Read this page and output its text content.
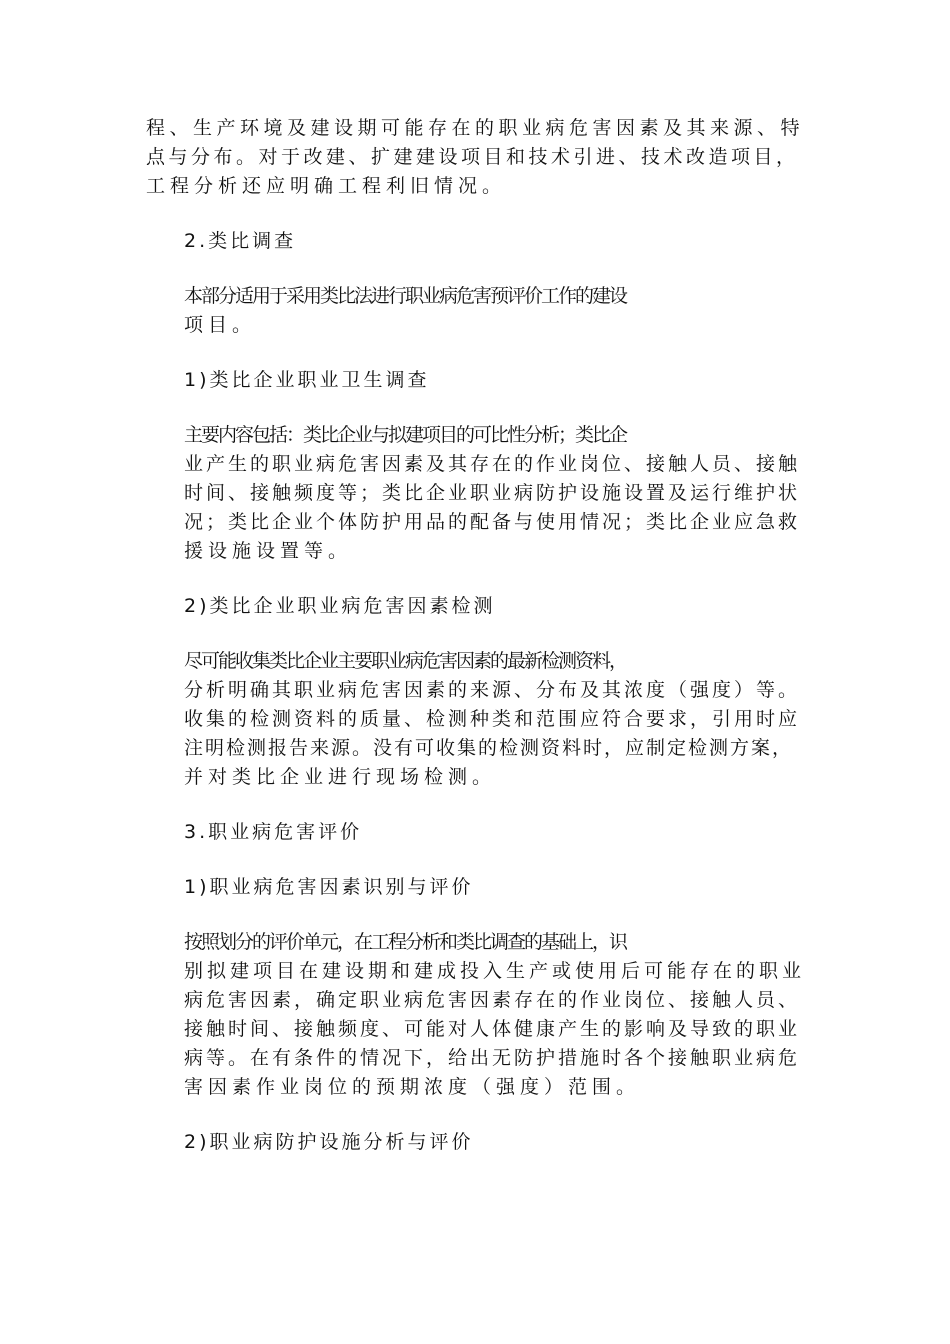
程、生产环境及建设期可能存在的职业病危害因素及其来源、特
点与分布。对于改建、扩建建设项目和技术引进、技术改造项目，
工程分析还应明确工程利旧情况。
2.类比调查
本部分适用于采用类比法进行职业病危害预评价工作的建设
项目。
1)类比企业职业卫生调查
主要内容包括：类比企业与拟建项目的可比性分析；类比企
业产生的职业病危害因素及其存在的作业岗位、接触人员、接触
时间、接触频度等；类比企业职业病防护设施设置及运行维护状
况；类比企业个体防护用品的配备与使用情况；类比企业应急救
援设施设置等。
2)类比企业职业病危害因素检测
尽可能收集类比企业主要职业病危害因素的最新检测资料，
分析明确其职业病危害因素的来源、分布及其浓度（强度）等。
收集的检测资料的质量、检测种类和范围应符合要求，引用时应
注明检测报告来源。没有可收集的检测资料时，应制定检测方案，
并对类比企业进行现场检测。
3.职业病危害评价
1)职业病危害因素识别与评价
按照划分的评价单元，在工程分析和类比调查的基础上，识
别拟建项目在建设期和建成投入生产或使用后可能存在的职业
病危害因素，确定职业病危害因素存在的作业岗位、接触人员、
接触时间、接触频度、可能对人体健康产生的影响及导致的职业
病等。在有条件的情况下，给出无防护措施时各个接触职业病危
害因素作业岗位的预期浓度（强度）范围。
2)职业病防护设施分析与评价
